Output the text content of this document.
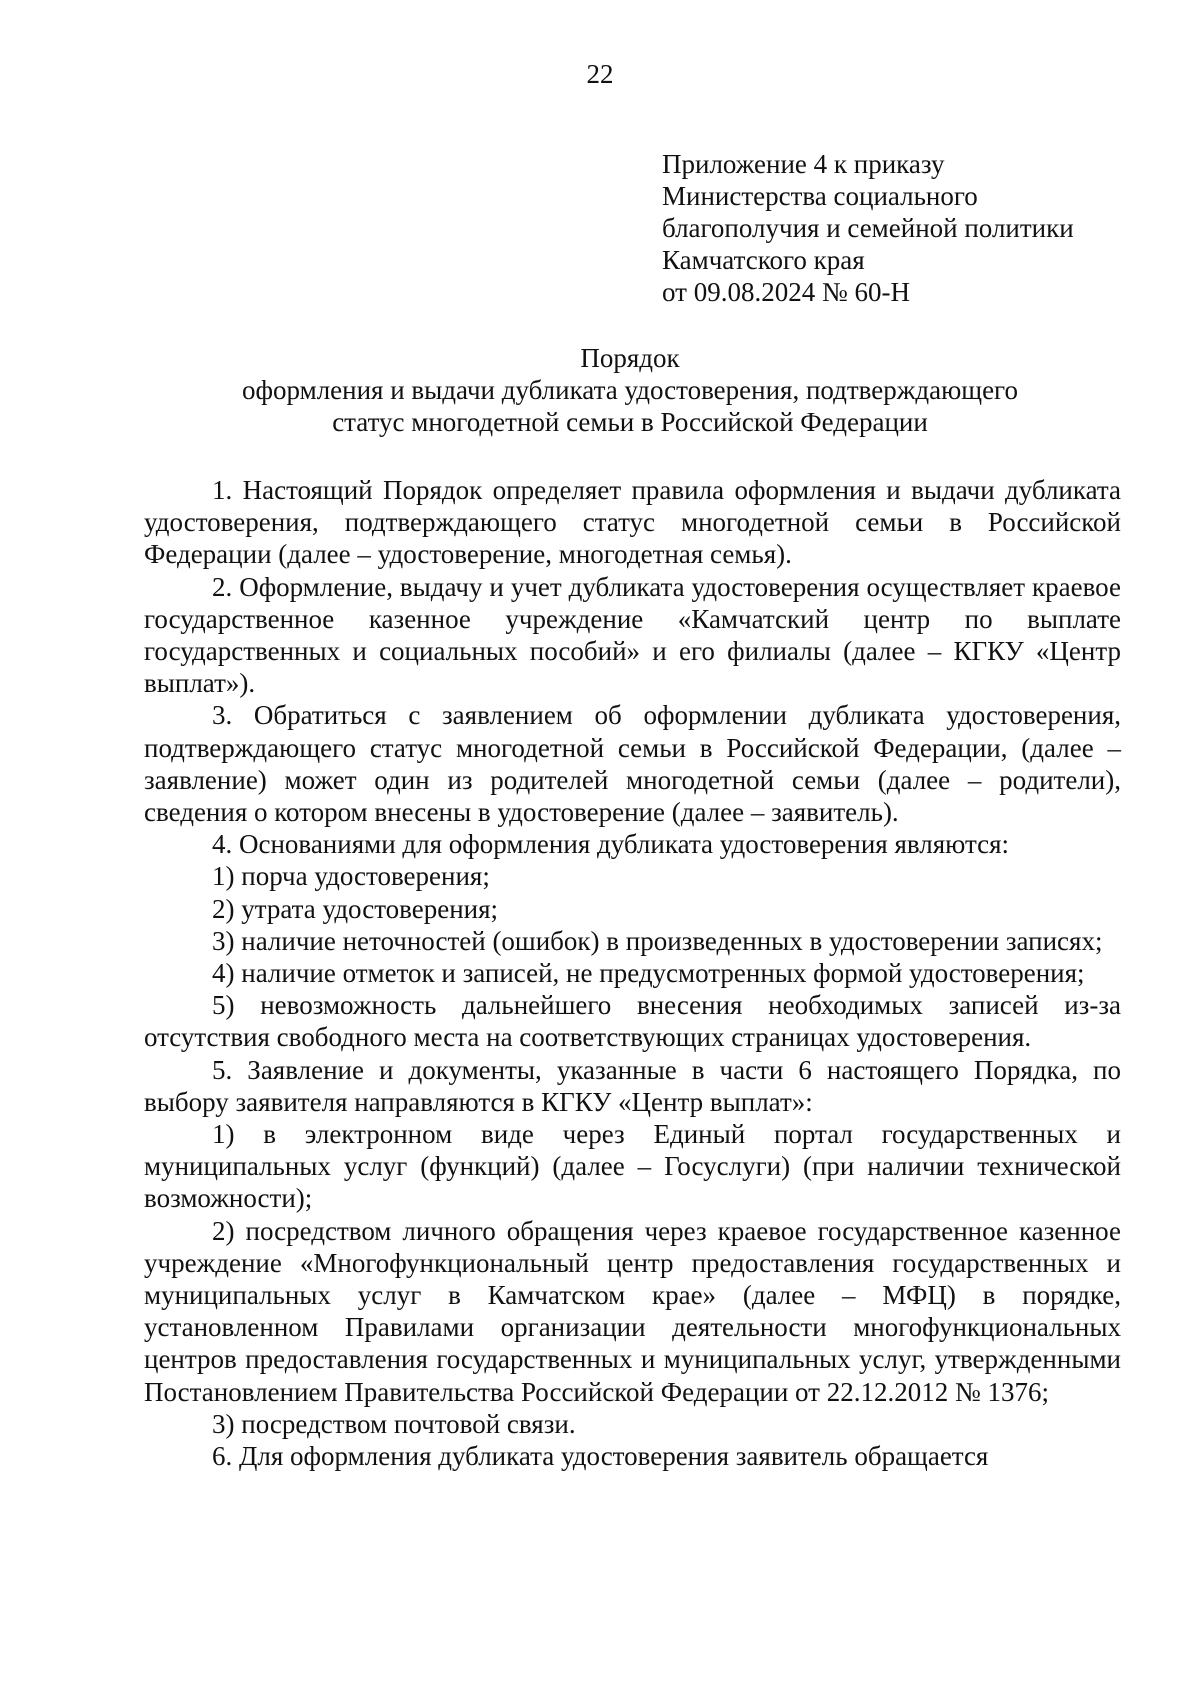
22
Приложение 4 к приказу
Министерства социального
благополучия и семейной политики
Камчатского края
от 09.08.2024 № 60-Н
Порядок
оформления и выдачи дубликата удостоверения, подтверждающего
статус многодетной семьи в Российской Федерации

1. Настоящий Порядок определяет правила оформления и выдачи дубликата удостоверения, подтверждающего статус многодетной семьи в Российской Федерации (далее – удостоверение, многодетная семья).

2. Оформление, выдачу и учет дубликата удостоверения осуществляет краевое государственное казенное учреждение «Камчатский центр по выплате государственных и социальных пособий» и его филиалы (далее – КГКУ «Центр выплат»).

3. Обратиться с заявлением об оформлении дубликата удостоверения, подтверждающего статус многодетной семьи в Российской Федерации, (далее – заявление) может один из родителей многодетной семьи (далее – родители), сведения о котором внесены в удостоверение (далее – заявитель).

4. Основаниями для оформления дубликата удостоверения являются:

1) порча удостоверения;

2) утрата удостоверения;

3) наличие неточностей (ошибок) в произведенных в удостоверении записях;

4) наличие отметок и записей, не предусмотренных формой удостоверения;

5) невозможность дальнейшего внесения необходимых записей из-за отсутствия свободного места на соответствующих страницах удостоверения.

5. Заявление и документы, указанные в части 6 настоящего Порядка, по выбору заявителя направляются в КГКУ «Центр выплат»:

1) в электронном виде через Единый портал государственных и муниципальных услуг (функций) (далее – Госуслуги) (при наличии технической возможности);

2) посредством личного обращения через краевое государственное казенное учреждение «Многофункциональный центр предоставления государственных и муниципальных услуг в Камчатском крае» (далее – МФЦ) в порядке, установленном Правилами организации деятельности многофункциональных центров предоставления государственных и муниципальных услуг, утвержденными Постановлением Правительства Российской Федерации от 22.12.2012 № 1376;

3) посредством почтовой связи.

6. Для оформления дубликата удостоверения заявитель обращается
